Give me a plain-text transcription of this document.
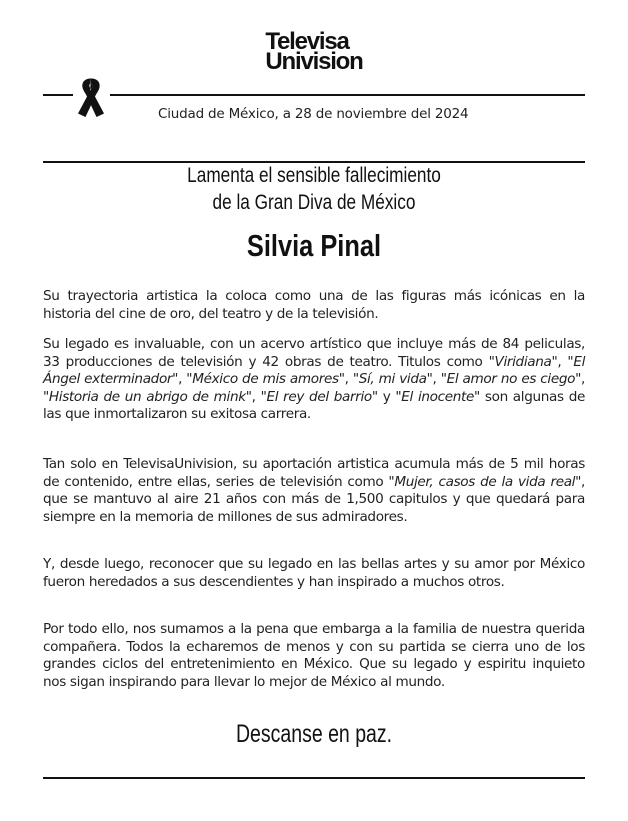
Televisa
Univision
Ciudad de México, a 28 de noviembre del 2024
Lamenta el sensible fallecimiento
de la Gran Diva de México
Silvia Pinal

Su trayectoria artistica la coloca como una de las figuras más icónicas en la historia del cine de oro, del teatro y de la televisión.

Su legado es invaluable, con un acervo artístico que incluye más de 84 peliculas, 33 producciones de televisión y 42 obras de teatro. Titulos como "Viridiana", "El Ángel exterminador", "México de mis amores", "Sí, mi vida", "El amor no es ciego", "Historia de un abrigo de mink", "El rey del barrio" y "El inocente" son algunas de las que inmortalizaron su exitosa carrera.

Tan solo en TelevisaUnivision, su aportación artistica acumula más de 5 mil horas de contenido, entre ellas, series de televisión como "Mujer, casos de la vida real", que se mantuvo al aire 21 años con más de 1,500 capitulos y que quedará para siempre en la memoria de millones de sus admiradores.

Y, desde luego, reconocer que su legado en las bellas artes y su amor por México fueron heredados a sus descendientes y han inspirado a muchos otros.

Por todo ello, nos sumamos a la pena que embarga a la familia de nuestra querida compañera. Todos la echaremos de menos y con su partida se cierra uno de los grandes ciclos del entretenimiento en México. Que su legado y espiritu inquieto nos sigan inspirando para llevar lo mejor de México al mundo.

Descanse en paz.
